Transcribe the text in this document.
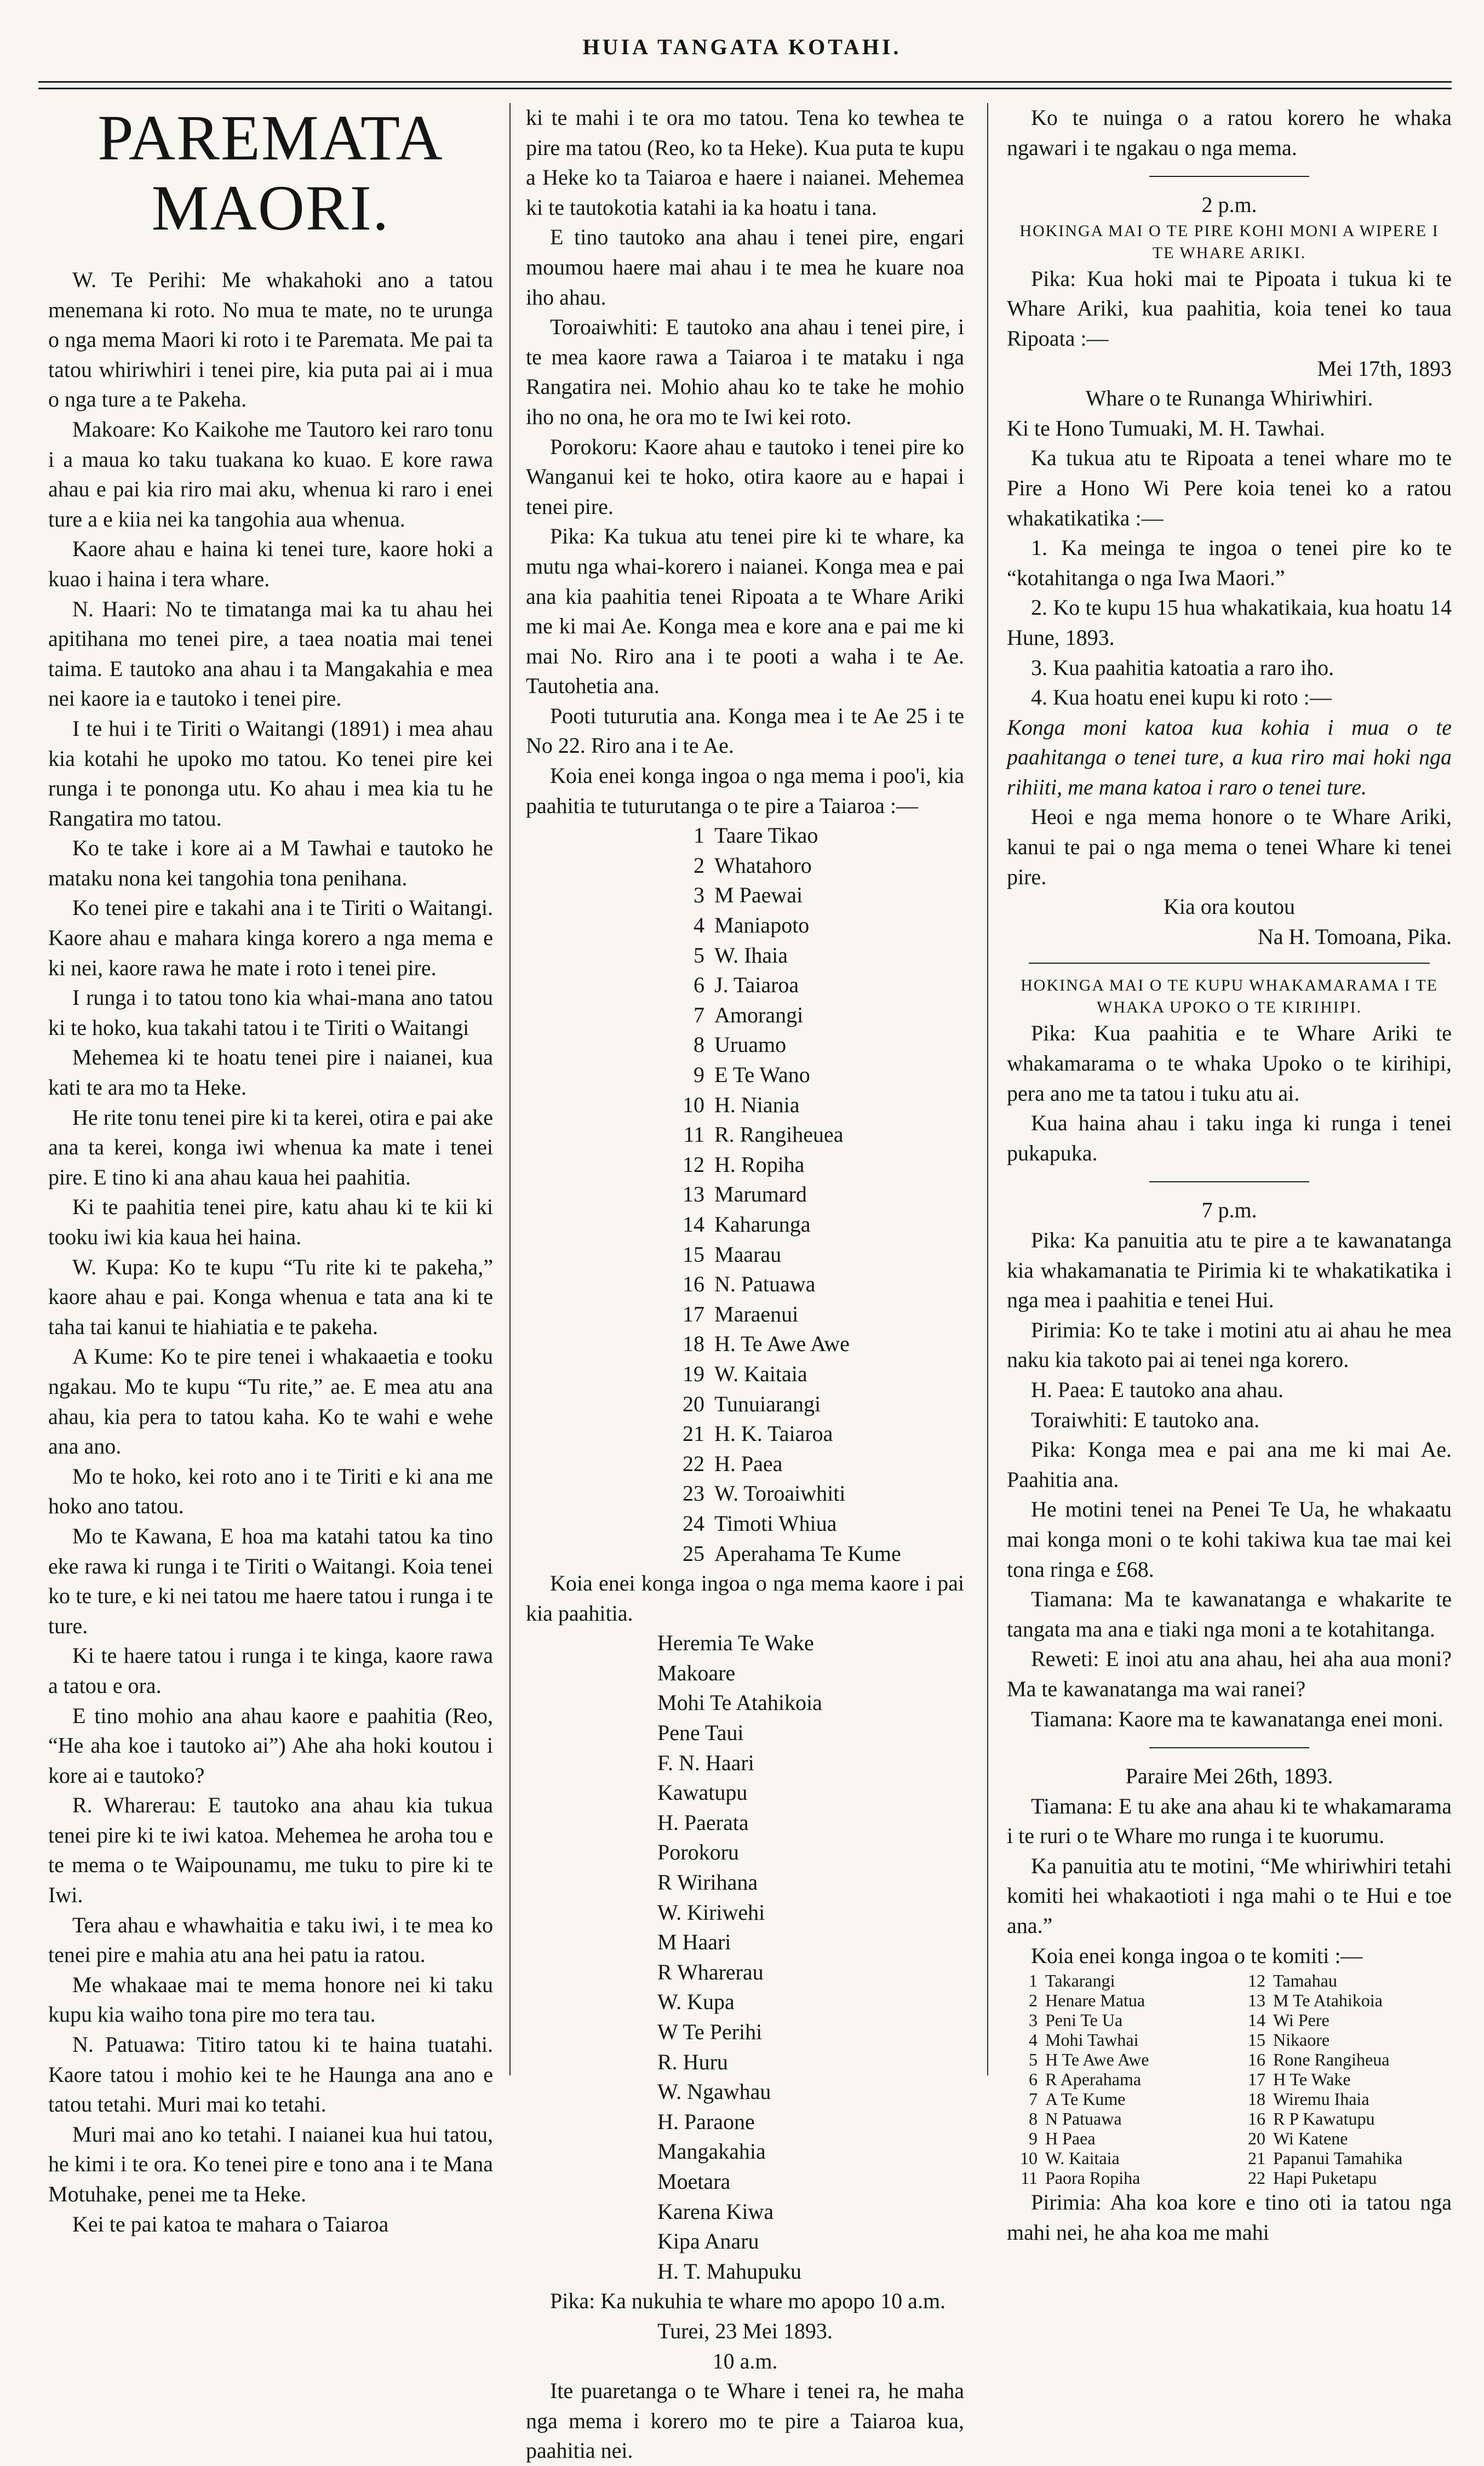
HUIA TANGATA KOTAHI.
PAREMATA MAORI.

W. Te Perihi: Me whakahoki ano a tatou menemana ki roto. No mua te mate, no te urunga o nga mema Maori ki roto i te Paremata. Me pai ta tatou whiriwhiri i tenei pire, kia puta pai ai i mua o nga ture a te Pakeha.

Makoare: Ko Kaikohe me Tautoro kei raro tonu i a maua ko taku tuakana ko kuao. E kore rawa ahau e pai kia riro mai aku, whenua ki raro i enei ture a e kiia nei ka tangohia aua whenua.

Kaore ahau e haina ki tenei ture, kaore hoki a kuao i haina i tera whare.

N. Haari: No te timatanga mai ka tu ahau hei apitihana mo tenei pire, a taea noatia mai tenei taima. E tautoko ana ahau i ta Mangakahia e mea nei kaore ia e tautoko i tenei pire.

I te hui i te Tiriti o Waitangi (1891) i mea ahau kia kotahi he upoko mo tatou. Ko tenei pire kei runga i te pononga utu. Ko ahau i mea kia tu he Rangatira mo tatou.

Ko te take i kore ai a M Tawhai e tautoko he mataku nona kei tangohia tona penihana.

Ko tenei pire e takahi ana i te Tiriti o Waitangi. Kaore ahau e mahara kinga korero a nga mema e ki nei, kaore rawa he mate i roto i tenei pire.

I runga i to tatou tono kia whai-mana ano tatou ki te hoko, kua takahi tatou i te Tiriti o Waitangi

Mehemea ki te hoatu tenei pire i naianei, kua kati te ara mo ta Heke.

He rite tonu tenei pire ki ta kerei, otira e pai ake ana ta kerei, konga iwi whenua ka mate i tenei pire. E tino ki ana ahau kaua hei paahitia.

Ki te paahitia tenei pire, katu ahau ki te kii ki tooku iwi kia kaua hei haina.

W. Kupa: Ko te kupu “Tu rite ki te pakeha,” kaore ahau e pai. Konga whenua e tata ana ki te taha tai kanui te hiahiatia e te pakeha.

A Kume: Ko te pire tenei i whakaaetia e tooku ngakau. Mo te kupu “Tu rite,” ae. E mea atu ana ahau, kia pera to tatou kaha. Ko te wahi e wehe ana ano.

Mo te hoko, kei roto ano i te Tiriti e ki ana me hoko ano tatou.

Mo te Kawana, E hoa ma katahi tatou ka tino eke rawa ki runga i te Tiriti o Waitangi. Koia tenei ko te ture, e ki nei tatou me haere tatou i runga i te ture.

Ki te haere tatou i runga i te kinga, kaore rawa a tatou e ora.

E tino mohio ana ahau kaore e paahitia (Reo, “He aha koe i tautoko ai”) Ahe aha hoki koutou i kore ai e tautoko?

R. Wharerau: E tautoko ana ahau kia tukua tenei pire ki te iwi katoa. Mehemea he aroha tou e te mema o te Waipounamu, me tuku to pire ki te Iwi.

Tera ahau e whawhaitia e taku iwi, i te mea ko tenei pire e mahia atu ana hei patu ia ratou.

Me whakaae mai te mema honore nei ki taku kupu kia waiho tona pire mo tera tau.

N. Patuawa: Titiro tatou ki te haina tuatahi. Kaore tatou i mohio kei te he Haunga ana ano e tatou tetahi. Muri mai ko tetahi.

Muri mai ano ko tetahi. I naianei kua hui tatou, he kimi i te ora. Ko tenei pire e tono ana i te Mana Motuhake, penei me ta Heke.

Kei te pai katoa te mahara o Taiaroa

ki te mahi i te ora mo tatou. Tena ko tewhea te pire ma tatou (Reo, ko ta Heke). Kua puta te kupu a Heke ko ta Taiaroa e haere i naianei. Mehemea ki te tautokotia katahi ia ka hoatu i tana.

E tino tautoko ana ahau i tenei pire, engari moumou haere mai ahau i te mea he kuare noa iho ahau.

Toroaiwhiti: E tautoko ana ahau i tenei pire, i te mea kaore rawa a Taiaroa i te mataku i nga Rangatira nei. Mohio ahau ko te take he mohio iho no ona, he ora mo te Iwi kei roto.

Porokoru: Kaore ahau e tautoko i tenei pire ko Wanganui kei te hoko, otira kaore au e hapai i tenei pire.

Pika: Ka tukua atu tenei pire ki te whare, ka mutu nga whai-korero i naianei. Konga mea e pai ana kia paahitia tenei Ripoata a te Whare Ariki me ki mai Ae. Konga mea e kore ana e pai me ki mai No. Riro ana i te pooti a waha i te Ae. Tautohetia ana.

Pooti tuturutia ana. Konga mea i te Ae 25 i te No 22. Riro ana i te Ae.

Koia enei konga ingoa o nga mema i poo'i, kia paahitia te tuturutanga o te pire a Taiaroa :—

1 Taare Tikao
2 Whatahoro
3 M Paewai
4 Maniapoto
5 W. Ihaia
6 J. Taiaroa
7 Amorangi
8 Uruamo
9 E Te Wano
10 H. Niania
11 R. Rangiheuea
12 H. Ropiha
13 Marumard
14 Kaharunga
15 Maarau
16 N. Patuawa
17 Maraenui
18 H. Te Awe Awe
19 W. Kaitaia
20 Tunuiarangi
21 H. K. Taiaroa
22 H. Paea
23 W. Toroaiwhiti
24 Timoti Whiua
25 Aperahama Te Kume

Koia enei konga ingoa o nga mema kaore i pai kia paahitia.

Heremia Te Wake
Makoare
Mohi Te Atahikoia
Pene Taui
F. N. Haari
Kawatupu
H. Paerata
Porokoru
R Wirihana
W. Kiriwehi
M Haari
R Wharerau
W. Kupa
W Te Perihi
R. Huru
W. Ngawhau
H. Paraone
Mangakahia
Moetara
Karena Kiwa
Kipa Anaru
H. T. Mahupuku

Pika: Ka nukuhia te whare mo apopo 10 a.m.

Turei, 23 Mei 1893.

10 a.m.

Ite puaretanga o te Whare i tenei ra, he maha nga mema i korero mo te pire a Taiaroa kua, paahitia nei.

Ko te nuinga o a ratou korero he whaka ngawari i te ngakau o nga mema.

2 p.m.

HOKINGA MAI O TE PIRE KOHI MONI A WIPERE I TE WHARE ARIKI.

Pika: Kua hoki mai te Pipoata i tukua ki te Whare Ariki, kua paahitia, koia tenei ko taua Ripoata :—

Mei 17th, 1893

Whare o te Runanga Whiriwhiri.

Ki te Hono Tumuaki, M. H. Tawhai.

Ka tukua atu te Ripoata a tenei whare mo te Pire a Hono Wi Pere koia tenei ko a ratou whakatikatika :—

1. Ka meinga te ingoa o tenei pire ko te “kotahitanga o nga Iwa Maori.”

2. Ko te kupu 15 hua whakatikaia, kua hoatu 14 Hune, 1893.

3. Kua paahitia katoatia a raro iho.

4. Kua hoatu enei kupu ki roto :—

Konga moni katoa kua kohia i mua o te paahitanga o tenei ture, a kua riro mai hoki nga rihiiti, me mana katoa i raro o tenei ture.

Heoi e nga mema honore o te Whare Ariki, kanui te pai o nga mema o tenei Whare ki tenei pire.

Kia ora koutou

Na H. Tomoana, Pika.

HOKINGA MAI O TE KUPU WHAKAMARAMA I TE WHAKA UPOKO O TE KIRIHIPI.

Pika: Kua paahitia e te Whare Ariki te whakamarama o te whaka Upoko o te kirihipi, pera ano me ta tatou i tuku atu ai.

Kua haina ahau i taku inga ki runga i tenei pukapuka.

7 p.m.

Pika: Ka panuitia atu te pire a te kawanatanga kia whakamanatia te Pirimia ki te whakatikatika i nga mea i paahitia e tenei Hui.

Pirimia: Ko te take i motini atu ai ahau he mea naku kia takoto pai ai tenei nga korero.

H. Paea: E tautoko ana ahau.

Toraiwhiti: E tautoko ana.

Pika: Konga mea e pai ana me ki mai Ae. Paahitia ana.

He motini tenei na Penei Te Ua, he whakaatu mai konga moni o te kohi takiwa kua tae mai kei tona ringa e £68.

Tiamana: Ma te kawanatanga e whakarite te tangata ma ana e tiaki nga moni a te kotahitanga.

Reweti: E inoi atu ana ahau, hei aha aua moni? Ma te kawanatanga ma wai ranei?

Tiamana: Kaore ma te kawanatanga enei moni.

Paraire Mei 26th, 1893.

Tiamana: E tu ake ana ahau ki te whakamarama i te ruri o te Whare mo runga i te kuorumu.

Ka panuitia atu te motini, “Me whiriwhiri tetahi komiti hei whakaotioti i nga mahi o te Hui e toe ana.”

Koia enei konga ingoa o te komiti :—

1 Takarangi
2 Henare Matua
3 Peni Te Ua
4 Mohi Tawhai
5 H Te Awe Awe
6 R Aperahama
7 A Te Kume
8 N Patuawa
9 H Paea
10 W. Kaitaia
11 Paora Ropiha
12 Tamahau
13 M Te Atahikoia
14 Wi Pere
15 Nikaore
16 Rone Rangiheua
17 H Te Wake
18 Wiremu Ihaia
16 R P Kawatupu
20 Wi Katene
21 Papanui Tamahika
22 Hapi Puketapu

Pirimia: Aha koa kore e tino oti ia tatou nga mahi nei, he aha koa me mahi
